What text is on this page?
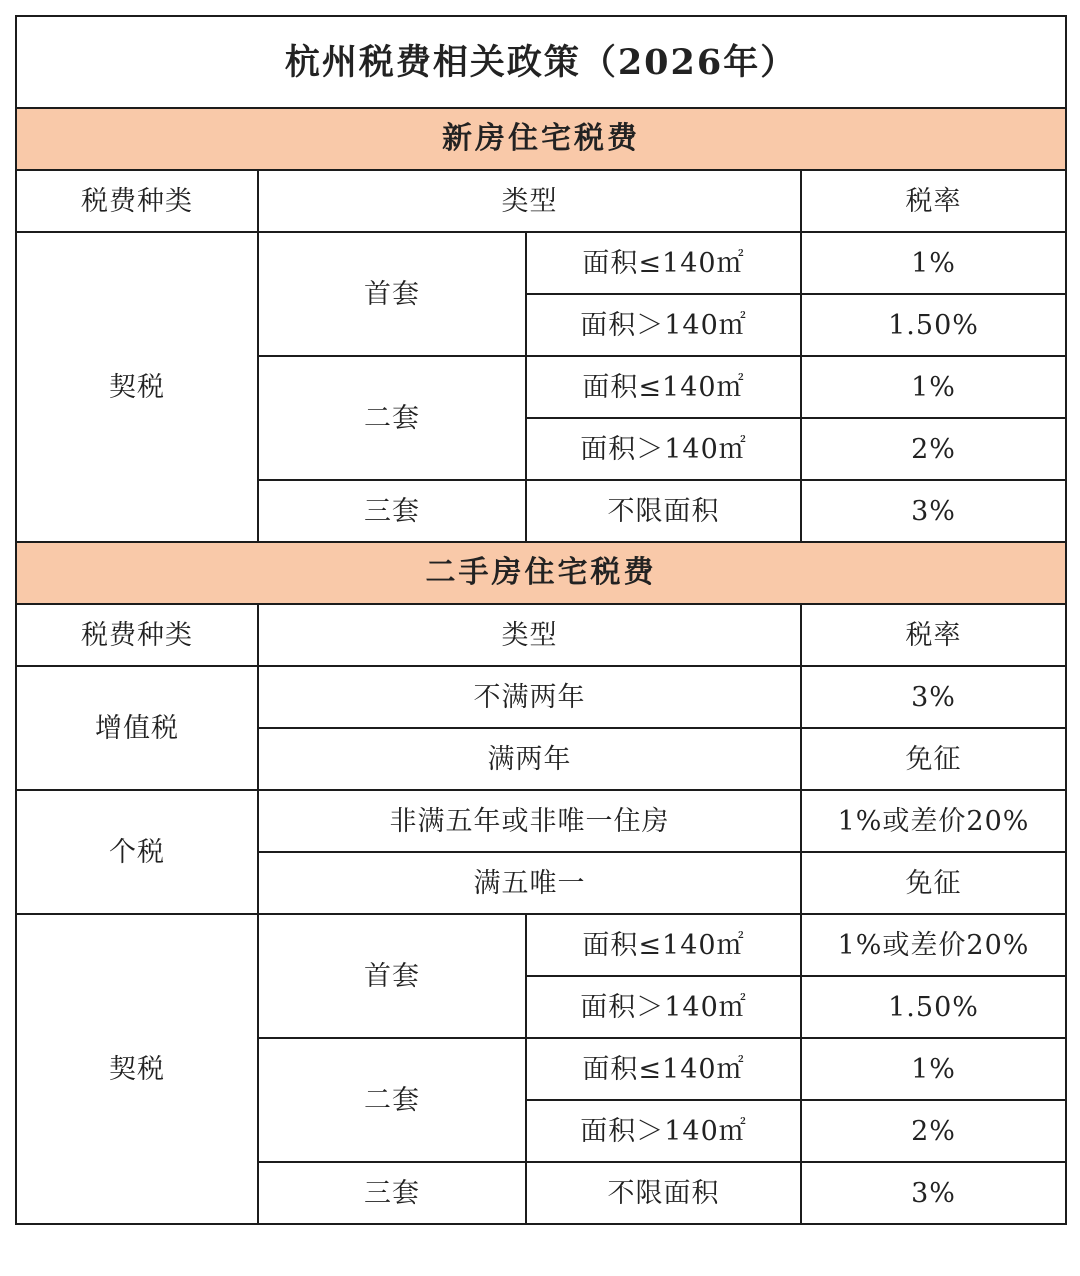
杭州税费相关政策（2026年）			
新房住宅税费			
税费种类	类型		税率
契税	首套	面积≤140㎡	1%
		面积＞140㎡	1.50%
	二套	面积≤140㎡	1%
		面积＞140㎡	2%
	三套	不限面积	3%
二手房住宅税费			
税费种类	类型		税率
增值税	不满两年		3%
	满两年		免征
个税	非满五年或非唯一住房		1%或差价20%
	满五唯一		免征
契税	首套	面积≤140㎡	1%或差价20%
		面积＞140㎡	1.50%
	二套	面积≤140㎡	1%
		面积＞140㎡	2%
	三套	不限面积	3%
